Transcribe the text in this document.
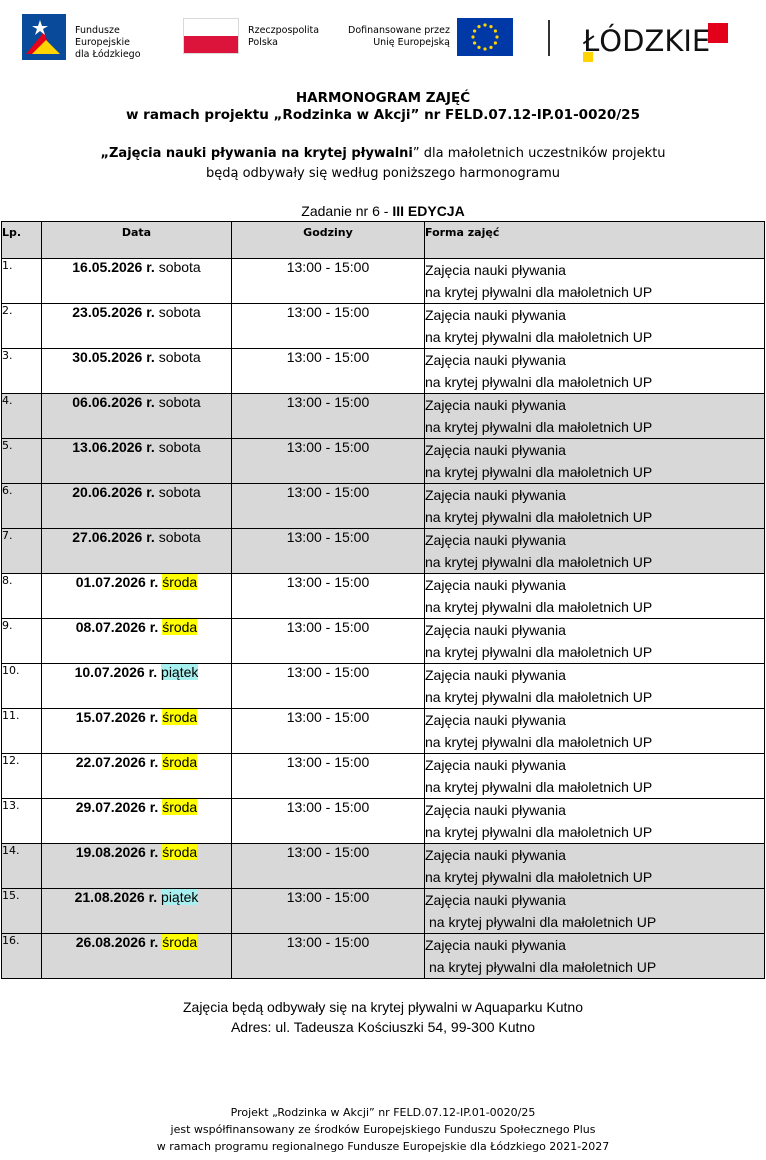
Fundusze Europejskie
dla Łódzkiego
Rzeczpospolita
Polska
Dofinansowane przez
Unię Europejską	ŁÓDZKIE
HARMONOGRAM ZAJĘĆ
w ramach projektu „Rodzinka w Akcji” nr FELD.07.12-IP.01-0020/25
„Zajęcia nauki pływania na krytej pływalni” dla małoletnich uczestników projektu
będą odbywały się według poniższego harmonogramu
Zadanie nr 6 - III EDYCJA
Lp.	Data	Godziny	Forma zajęć
1.	16.05.2026 r. sobota	13:00 - 15:00	Zajęcia nauki pływania
na krytej pływalni dla małoletnich UP

2.	23.05.2026 r. sobota	13:00 - 15:00	Zajęcia nauki pływania
na krytej pływalni dla małoletnich UP

3.	30.05.2026 r. sobota	13:00 - 15:00	Zajęcia nauki pływania
na krytej pływalni dla małoletnich UP

4.	06.06.2026 r. sobota	13:00 - 15:00	Zajęcia nauki pływania
na krytej pływalni dla małoletnich UP

5.	13.06.2026 r. sobota	13:00 - 15:00	Zajęcia nauki pływania
na krytej pływalni dla małoletnich UP

6.	20.06.2026 r. sobota	13:00 - 15:00	Zajęcia nauki pływania
na krytej pływalni dla małoletnich UP

7.	27.06.2026 r. sobota	13:00 - 15:00	Zajęcia nauki pływania
na krytej pływalni dla małoletnich UP

8.	01.07.2026 r. środa	13:00 - 15:00	Zajęcia nauki pływania
na krytej pływalni dla małoletnich UP

9.	08.07.2026 r. środa	13:00 - 15:00	Zajęcia nauki pływania
na krytej pływalni dla małoletnich UP

10.	10.07.2026 r. piątek	13:00 - 15:00	Zajęcia nauki pływania
na krytej pływalni dla małoletnich UP

11.	15.07.2026 r. środa	13:00 - 15:00	Zajęcia nauki pływania
na krytej pływalni dla małoletnich UP

12.	22.07.2026 r. środa	13:00 - 15:00	Zajęcia nauki pływania
na krytej pływalni dla małoletnich UP

13.	29.07.2026 r. środa	13:00 - 15:00	Zajęcia nauki pływania
na krytej pływalni dla małoletnich UP

14.	19.08.2026 r. środa	13:00 - 15:00	Zajęcia nauki pływania
na krytej pływalni dla małoletnich UP

15.	21.08.2026 r. piątek	13:00 - 15:00	Zajęcia nauki pływania
na krytej pływalni dla małoletnich UP

16.	26.08.2026 r. środa	13:00 - 15:00	Zajęcia nauki pływania
na krytej pływalni dla małoletnich UP
Zajęcia będą odbywały się na krytej pływalni w Aquaparku Kutno
Adres: ul. Tadeusza Kościuszki 54, 99-300 Kutno
Projekt „Rodzinka w Akcji” nr FELD.07.12-IP.01-0020/25
jest współfinansowany ze środków Europejskiego Funduszu Społecznego Plus
w ramach programu regionalnego Fundusze Europejskie dla Łódzkiego 2021-2027
